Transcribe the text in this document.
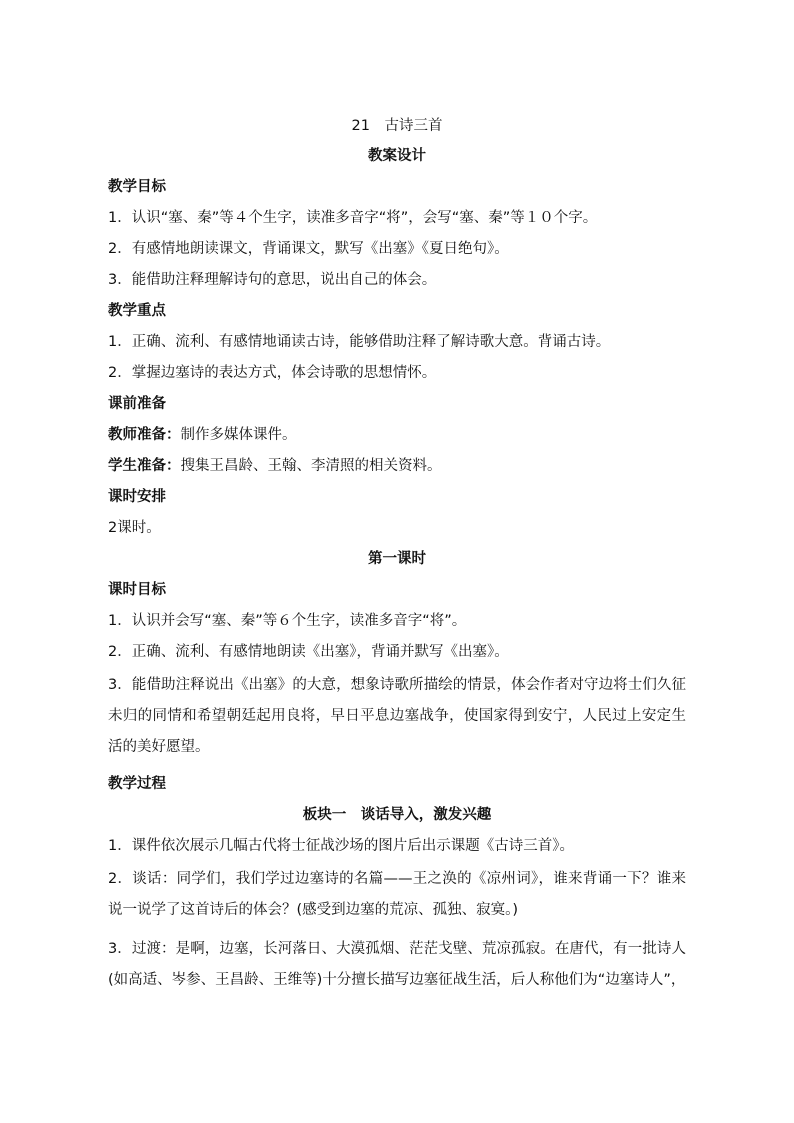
21　古诗三首
教案设计
教学目标
1．认识“塞、秦”等４个生字，读准多音字“将”，会写“塞、秦”等１０个字。
2．有感情地朗读课文，背诵课文，默写《出塞》《夏日绝句》。
3．能借助注释理解诗句的意思，说出自己的体会。
教学重点
1．正确、流利、有感情地诵读古诗，能够借助注释了解诗歌大意。背诵古诗。
2．掌握边塞诗的表达方式，体会诗歌的思想情怀。
课前准备
教师准备：制作多媒体课件。
学生准备：搜集王昌龄、王翰、李清照的相关资料。
课时安排
2课时。
第一课时
课时目标
1．认识并会写“塞、秦”等６个生字，读准多音字“将”。
2．正确、流利、有感情地朗读《出塞》，背诵并默写《出塞》。
3．能借助注释说出《出塞》的大意，想象诗歌所描绘的情景，体会作者对守边将士们久征未归的同情和希望朝廷起用良将，早日平息边塞战争，使国家得到安宁，人民过上安定生活的美好愿望。
教学过程
板块一　谈话导入，激发兴趣
1．课件依次展示几幅古代将士征战沙场的图片后出示课题《古诗三首》。
2．谈话：同学们，我们学过边塞诗的名篇——王之涣的《凉州词》，谁来背诵一下？谁来说一说学了这首诗后的体会？(感受到边塞的荒凉、孤独、寂寞。)
3．过渡：是啊，边塞，长河落日、大漠孤烟、茫茫戈壁、荒凉孤寂。在唐代，有一批诗人(如高适、岑参、王昌龄、王维等)十分擅长描写边塞征战生活，后人称他们为“边塞诗人”，
